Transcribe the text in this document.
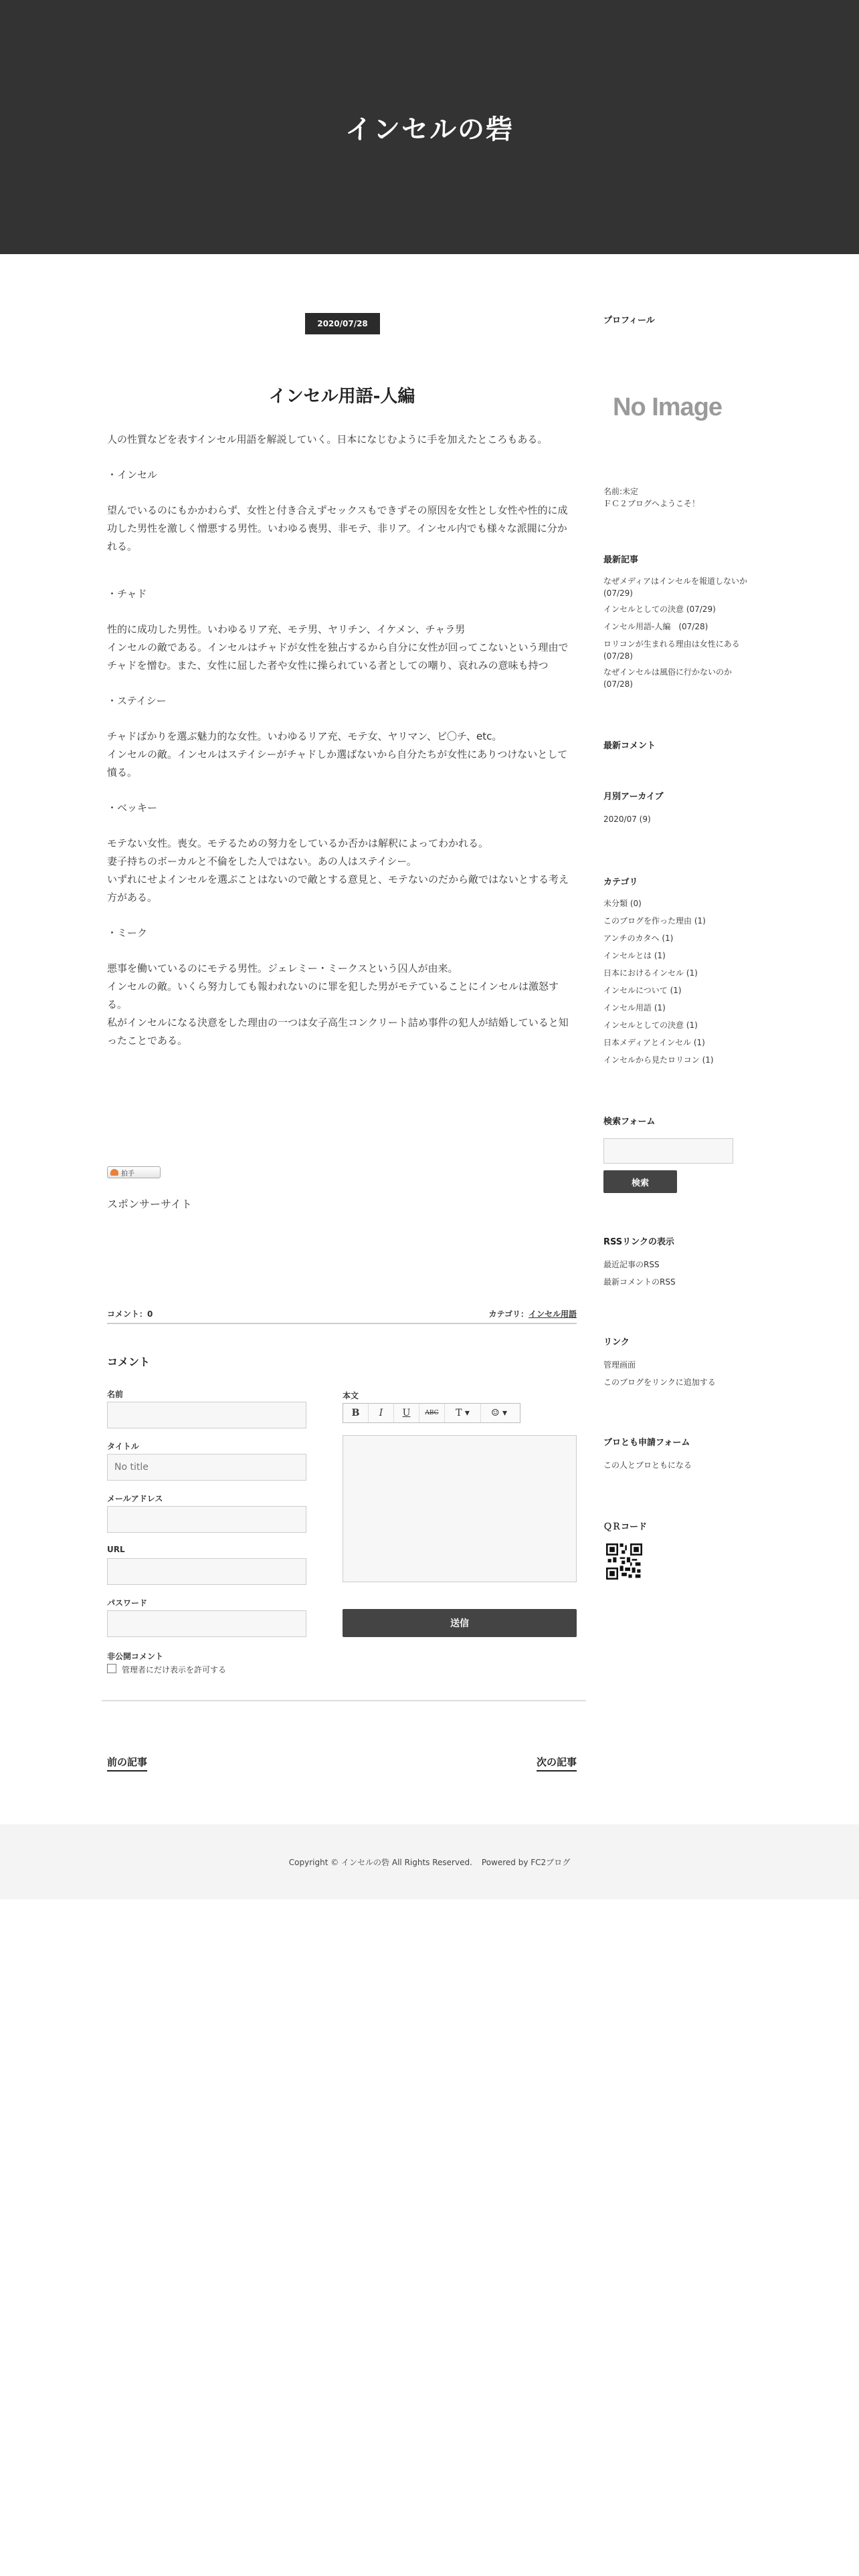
インセルの砦
2020/07/28
インセル用語-人編

人の性質などを表すインセル用語を解説していく。日本になじむように手を加えたところもある。

・インセル

望んでいるのにもかかわらず、女性と付き合えずセックスもできずその原因を女性とし女性や性的に成功した男性を激しく憎悪する男性。いわゆる喪男、非モテ、非リア。インセル内でも様々な派閥に分かれる。

・チャド

性的に成功した男性。いわゆるリア充、モテ男、ヤリチン、イケメン、チャラ男
インセルの敵である。インセルはチャドが女性を独占するから自分に女性が回ってこないという理由でチャドを憎む。また、女性に屈した者や女性に操られている者としての嘲り、哀れみの意味も持つ

・ステイシー

チャドばかりを選ぶ魅力的な女性。いわゆるリア充、モテ女、ヤリマン、ビ〇チ、etc。
インセルの敵。インセルはステイシーがチャドしか選ばないから自分たちが女性にありつけないとして憤る。

・ベッキー

モテない女性。喪女。モテるための努力をしているか否かは解釈によってわかれる。
妻子持ちのボーカルと不倫をした人ではない。あの人はステイシー。
いずれにせよインセルを選ぶことはないので敵とする意見と、モテないのだから敵ではないとする考え方がある。

・ミーク

悪事を働いているのにモテる男性。ジェレミー・ミークスという囚人が由来。
インセルの敵。いくら努力しても報われないのに罪を犯した男がモテていることにインセルは激怒する。
私がインセルになる決意をした理由の一つは女子高生コンクリート詰め事件の犯人が結婚していると知ったことである。

拍手
スポンサーサイト
コメント：0	カテゴリ：インセル用語
コメント
名前
タイトル
No title
メールアドレス
URL
パスワード
本文
B	I	U	ABC	T ▾	☺ ▾
送信
非公開コメント
管理者にだけ表示を許可する
前の記事	次の記事
プロフィール
No Image
名前:未定
ＦＣ２ブログへようこそ！
最新記事
なぜメディアはインセルを報道しないか (07/29)
インセルとしての決意 (07/29)
インセル用語-人編　(07/28)
ロリコンが生まれる理由は女性にある (07/28)
なぜインセルは風俗に行かないのか (07/28)
最新コメント
月別アーカイブ
2020/07 (9)
カテゴリ
未分類 (0)
このブログを作った理由 (1)
アンチのカタヘ (1)
インセルとは (1)
日本におけるインセル (1)
インセルについて (1)
インセル用語 (1)
インセルとしての決意 (1)
日本メディアとインセル (1)
インセルから見たロリコン (1)
検索フォーム
検索
RSSリンクの表示
最近記事のRSS
最新コメントのRSS
リンク
管理画面
このブログをリンクに追加する
ブロとも申請フォーム
この人とブロともになる
ＱＲコード
Copyright © インセルの砦 All Rights Reserved. Powered by FC2ブログ
